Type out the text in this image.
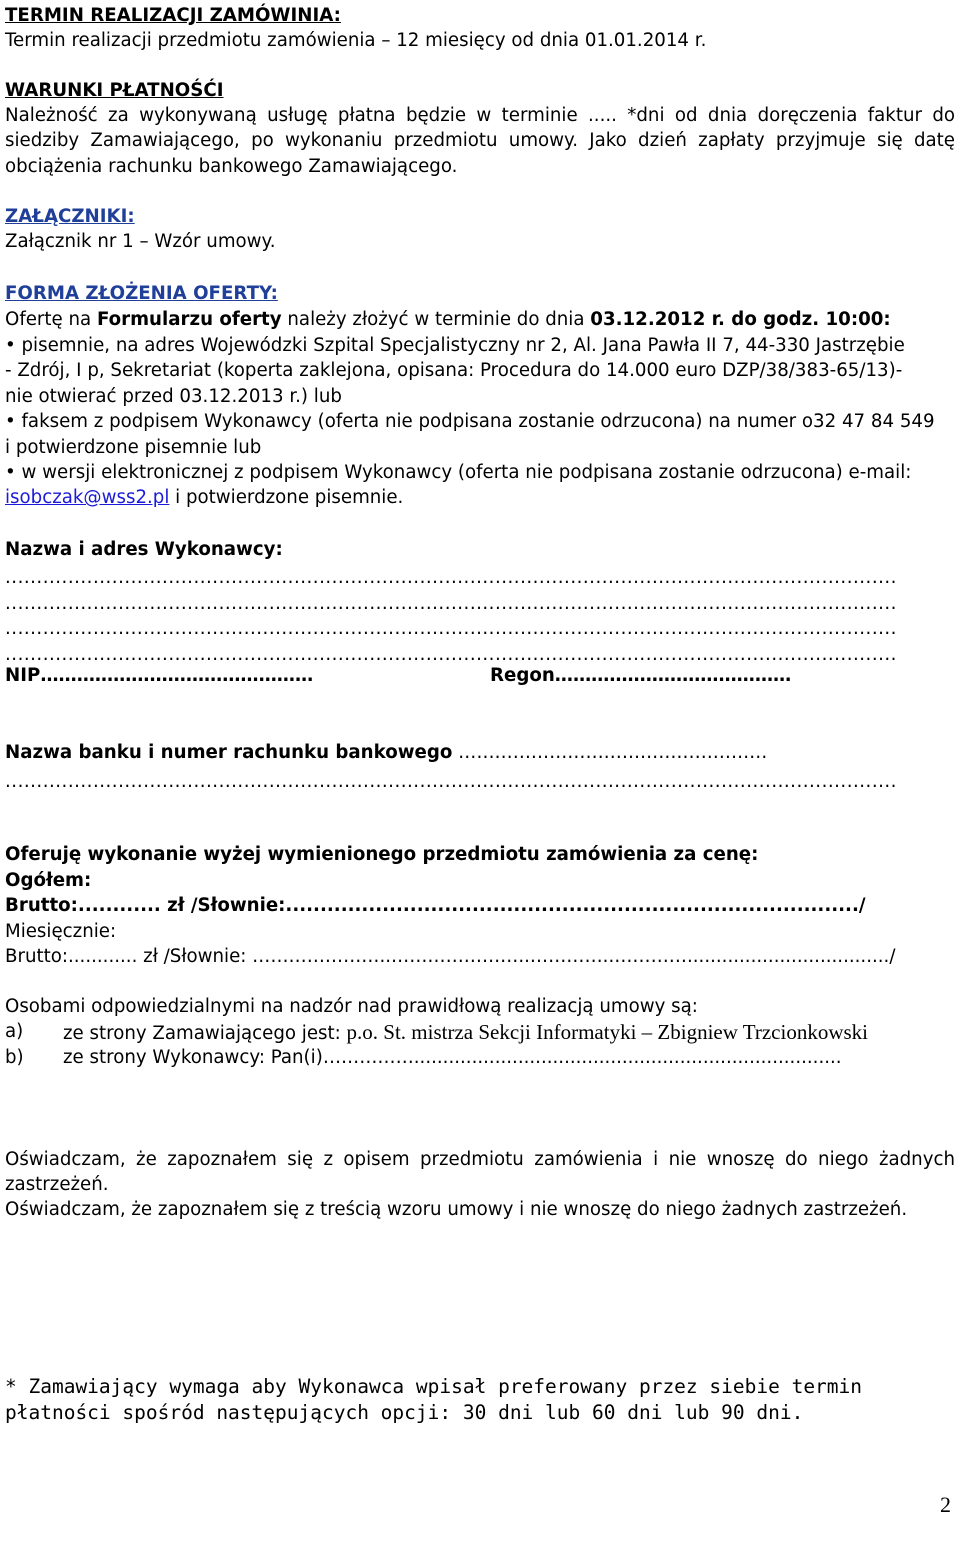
TERMIN REALIZACJI ZAMÓWINIA:
Termin realizacji przedmiotu zamówienia – 12 miesięcy od dnia 01.01.2014 r.
WARUNKI PŁATNOŚĆI
Należność za wykonywaną usługę płatna będzie w terminie ..... *dni od dnia doręczenia faktur do
siedziby Zamawiającego, po wykonaniu przedmiotu umowy. Jako dzień zapłaty przyjmuje się datę
obciążenia rachunku bankowego Zamawiającego.
ZAŁĄCZNIKI:
Załącznik nr 1 – Wzór umowy.
FORMA ZŁOŻENIA OFERTY:
Ofertę na Formularzu oferty należy złożyć w terminie do dnia 03.12.2012 r. do godz. 10:00:
• pisemnie, na adres Wojewódzki Szpital Specjalistyczny nr 2, Al. Jana Pawła II 7, 44-330 Jastrzębie
- Zdrój, I p, Sekretariat (koperta zaklejona, opisana: Procedura do 14.000 euro DZP/38/383-65/13)-
nie otwierać przed 03.12.2013 r.) lub
• faksem z podpisem Wykonawcy (oferta nie podpisana zostanie odrzucona) na numer o32 47 84 549
i potwierdzone pisemnie lub
• w wersji elektronicznej z podpisem Wykonawcy (oferta nie podpisana zostanie odrzucona) e-mail:
isobczak@wss2.pl i potwierdzone pisemnie.
Nazwa i adres Wykonawcy:
..............................................................................................................................................
..............................................................................................................................................
..............................................................................................................................................
..............................................................................................................................................
NIP………………………………………	Regon…………………………………
Nazwa banku i numer rachunku bankowego ……………………………………………
..............................................................................................................................................
Oferuję wykonanie wyżej wymienionego przedmiotu zamówienia za cenę:
Ogółem:
Brutto:............ zł /Słownie:.................................................................................../
Miesięcznie:
Brutto:............ zł /Słownie: …………………..…………………..…………..………….................................../
Osobami odpowiedzialnymi na nadzór nad prawidłową realizacją umowy są:
a) ze strony Zamawiającego jest: p.o. St. mistrza Sekcji Informatyki – Zbigniew Trzcionkowski
b) ze strony Wykonawcy: Pan(i)……………..........................................................................
Oświadczam, że zapoznałem się z opisem przedmiotu zamówienia i nie wnoszę do niego żadnych
zastrzeżeń.
Oświadczam, że zapoznałem się z treścią wzoru umowy i nie wnoszę do niego żadnych zastrzeżeń.
* Zamawiający wymaga aby Wykonawca wpisał preferowany przez siebie termin
płatności spośród następujących opcji: 30 dni lub 60 dni lub 90 dni.
2
